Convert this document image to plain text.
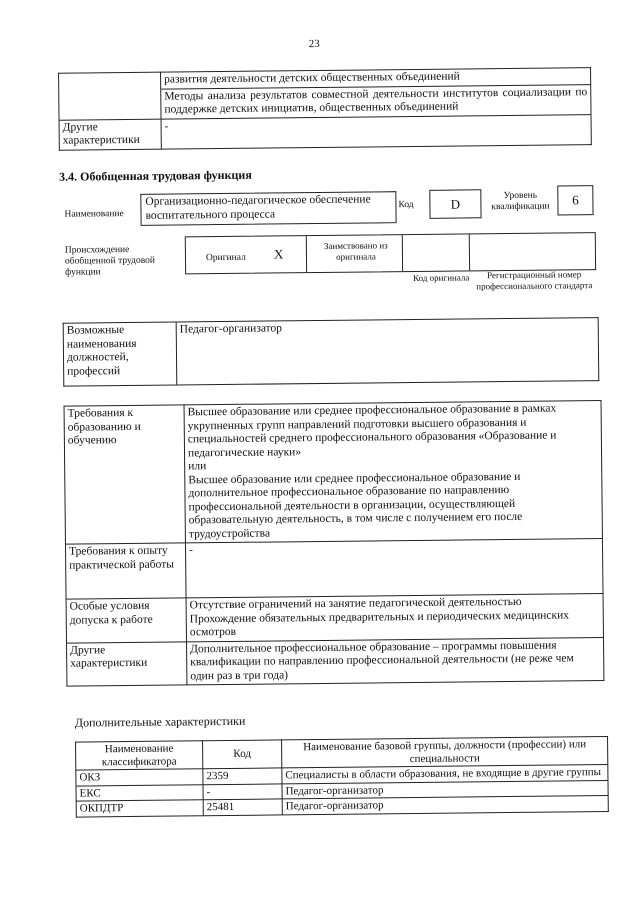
23
	развития деятельности детских общественных объединений
	Методы анализа результатов совместной деятельности институтов социализации по поддержке детских инициатив, общественных объединений
Другие характеристики	-
3.4. Обобщенная трудовая функция
Наименование
Организационно-педагогическое обеспечение воспитательного процесса
Код	D
Уровень квалификации	6
Происхождение обобщенной трудовой функции
Оригинал X
Заимствовано из оригинала
Код оригинала	Регистрационный номер профессионального стандарта
Возможные наименования должностей, профессий	Педагог-организатор
Требования к образованию и обучению	Высшее образование или среднее профессиональное образование в рамках укрупненных групп направлений подготовки высшего образования и специальностей среднего профессионального образования «Образование и педагогические науки»
или
Высшее образование или среднее профессиональное образование и дополнительное профессиональное образование по направлению профессиональной деятельности в организации, осуществляющей образовательную деятельность, в том числе с получением его после трудоустройства
Требования к опыту практической работы	-
Особые условия допуска к работе	Отсутствие ограничений на занятие педагогической деятельностью
Прохождение обязательных предварительных и периодических медицинских осмотров
Другие характеристики	Дополнительное профессиональное образование – программы повышения квалификации по направлению профессиональной деятельности (не реже чем один раз в три года)
Дополнительные характеристики
Наименование классификатора	Код	Наименование базовой группы, должности (профессии) или специальности
ОКЗ	2359	Специалисты в области образования, не входящие в другие группы
ЕКС	-	Педагог-организатор
ОКПДТР	25481	Педагог-организатор
